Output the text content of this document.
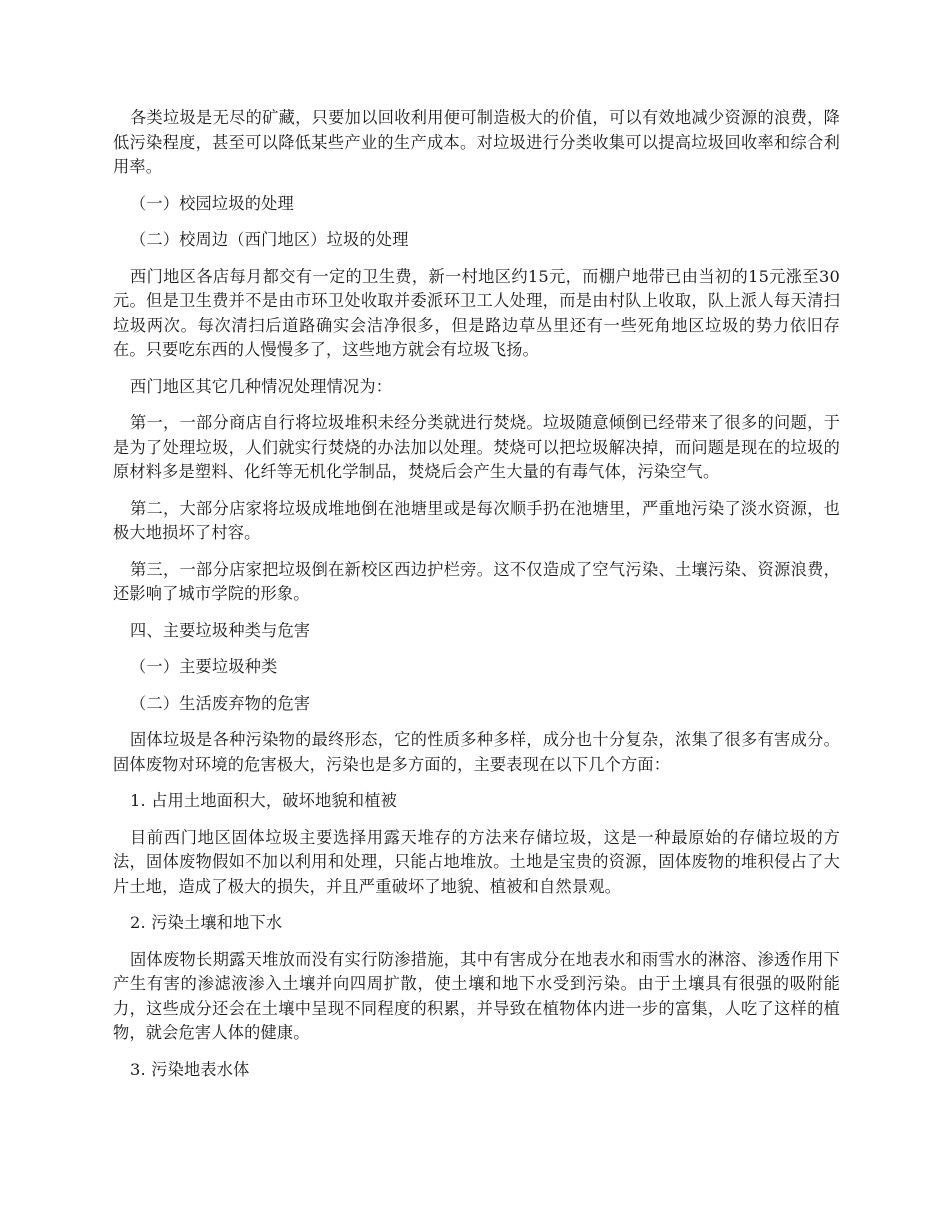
各类垃圾是无尽的矿藏，只要加以回收利用便可制造极大的价值，可以有效地减少资源的浪费，降低污染程度，甚至可以降低某些产业的生产成本。对垃圾进行分类收集可以提高垃圾回收率和综合利用率。

（一）校园垃圾的处理

（二）校周边（西门地区）垃圾的处理

西门地区各店每月都交有一定的卫生费，新一村地区约15元，而棚户地带已由当初的15元涨至30元。但是卫生费并不是由市环卫处收取并委派环卫工人处理，而是由村队上收取，队上派人每天清扫垃圾两次。每次清扫后道路确实会洁净很多，但是路边草丛里还有一些死角地区垃圾的势力依旧存在。只要吃东西的人慢慢多了，这些地方就会有垃圾飞扬。

西门地区其它几种情况处理情况为：

第一，一部分商店自行将垃圾堆积未经分类就进行焚烧。垃圾随意倾倒已经带来了很多的问题，于是为了处理垃圾，人们就实行焚烧的办法加以处理。焚烧可以把垃圾解决掉，而问题是现在的垃圾的原材料多是塑料、化纤等无机化学制品，焚烧后会产生大量的有毒气体，污染空气。

第二，大部分店家将垃圾成堆地倒在池塘里或是每次顺手扔在池塘里，严重地污染了淡水资源，也极大地损坏了村容。

第三，一部分店家把垃圾倒在新校区西边护栏旁。这不仅造成了空气污染、土壤污染、资源浪费，还影响了城市学院的形象。

四、主要垃圾种类与危害

（一）主要垃圾种类

（二）生活废弃物的危害

固体垃圾是各种污染物的最终形态，它的性质多种多样，成分也十分复杂，浓集了很多有害成分。固体废物对环境的危害极大，污染也是多方面的，主要表现在以下几个方面：

1. 占用土地面积大，破坏地貌和植被

目前西门地区固体垃圾主要选择用露天堆存的方法来存储垃圾，这是一种最原始的存储垃圾的方法，固体废物假如不加以利用和处理，只能占地堆放。土地是宝贵的资源，固体废物的堆积侵占了大片土地，造成了极大的损失，并且严重破坏了地貌、植被和自然景观。

2. 污染土壤和地下水

固体废物长期露天堆放而没有实行防渗措施，其中有害成分在地表水和雨雪水的淋溶、渗透作用下产生有害的渗滤液渗入土壤并向四周扩散，使土壤和地下水受到污染。由于土壤具有很强的吸附能力，这些成分还会在土壤中呈现不同程度的积累，并导致在植物体内进一步的富集，人吃了这样的植物，就会危害人体的健康。

3. 污染地表水体
